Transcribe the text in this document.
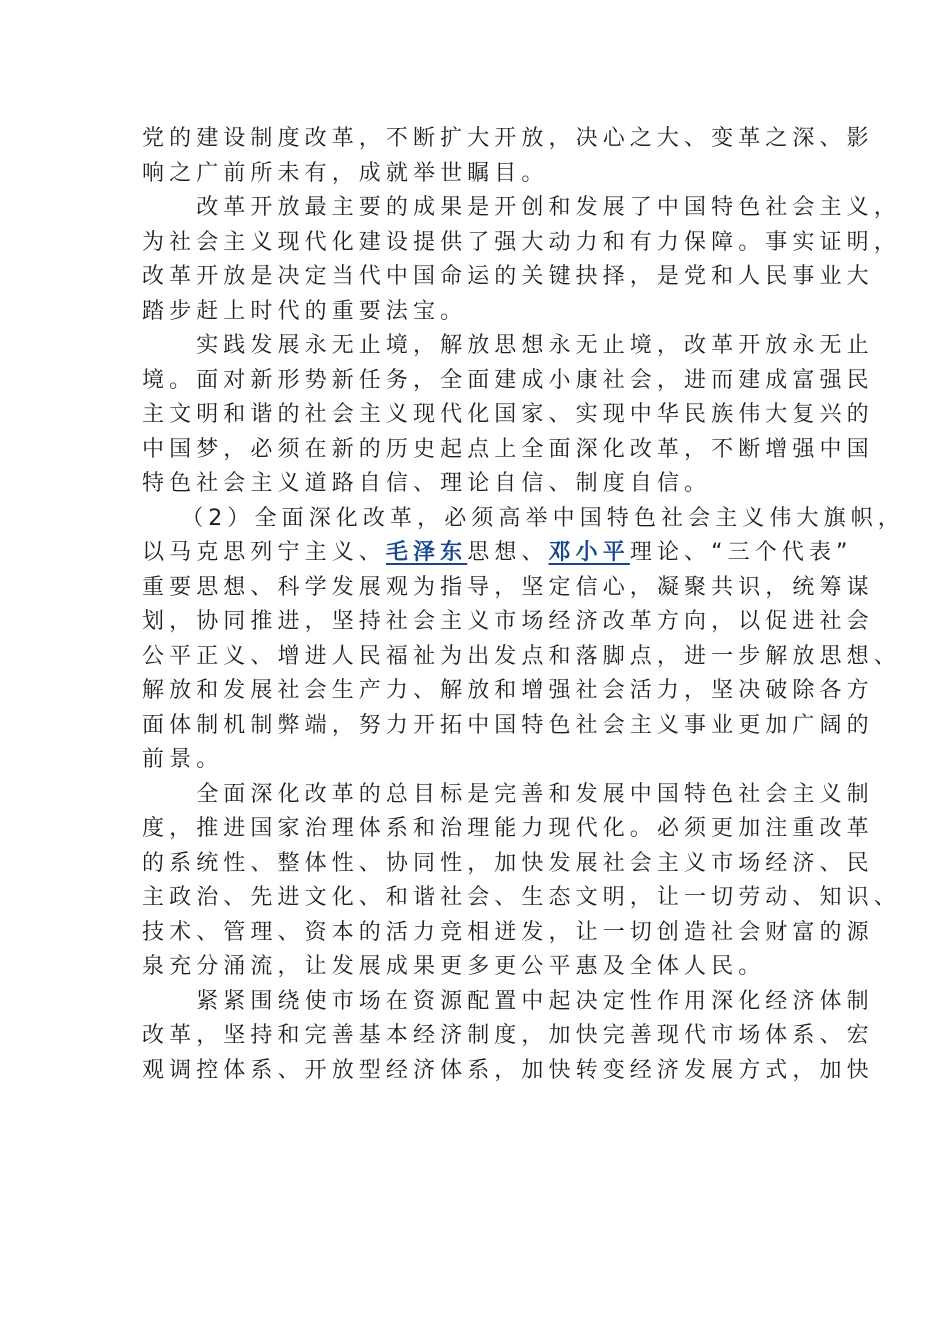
党的建设制度改革，不断扩大开放，决心之大、变革之深、影
响之广前所未有，成就举世瞩目。
　　改革开放最主要的成果是开创和发展了中国特色社会主义，
为社会主义现代化建设提供了强大动力和有力保障。事实证明，
改革开放是决定当代中国命运的关键抉择，是党和人民事业大
踏步赶上时代的重要法宝。
　　实践发展永无止境，解放思想永无止境，改革开放永无止
境。面对新形势新任务，全面建成小康社会，进而建成富强民
主文明和谐的社会主义现代化国家、实现中华民族伟大复兴的
中国梦，必须在新的历史起点上全面深化改革，不断增强中国
特色社会主义道路自信、理论自信、制度自信。
　 （2）全面深化改革，必须高举中国特色社会主义伟大旗帜，
以马克思列宁主义、毛泽东思想、邓小平理论、“三个代表”
重要思想、科学发展观为指导，坚定信心，凝聚共识，统筹谋
划，协同推进，坚持社会主义市场经济改革方向，以促进社会
公平正义、增进人民福祉为出发点和落脚点，进一步解放思想、
解放和发展社会生产力、解放和增强社会活力，坚决破除各方
面体制机制弊端，努力开拓中国特色社会主义事业更加广阔的
前景。
　　全面深化改革的总目标是完善和发展中国特色社会主义制
度，推进国家治理体系和治理能力现代化。必须更加注重改革
的系统性、整体性、协同性，加快发展社会主义市场经济、民
主政治、先进文化、和谐社会、生态文明，让一切劳动、知识、
技术、管理、资本的活力竞相迸发，让一切创造社会财富的源
泉充分涌流，让发展成果更多更公平惠及全体人民。
　　紧紧围绕使市场在资源配置中起决定性作用深化经济体制
改革，坚持和完善基本经济制度，加快完善现代市场体系、宏
观调控体系、开放型经济体系，加快转变经济发展方式，加快
